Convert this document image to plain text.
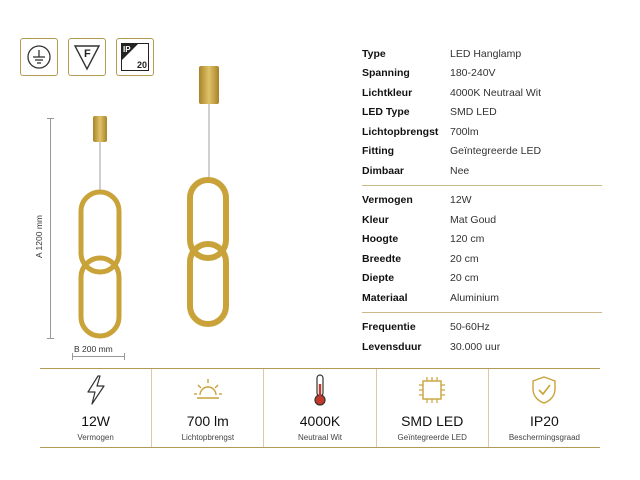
F	IP
20
A 1200 mm
B 200 mm
Type	LED Hanglamp
Spanning	180-240V
Lichtkleur	4000K Neutraal Wit
LED Type	SMD LED
Lichtopbrengst	700lm
Fitting	Geïntegreerde LED
Dimbaar	Nee
Vermogen	12W
Kleur	Mat Goud
Hoogte	120 cm
Breedte	20 cm
Diepte	20 cm
Materiaal	Aluminium
Frequentie	50-60Hz
Levensduur	30.000 uur
12W
Vermogen
700 lm
Lichtopbrengst
4000K
Neutraal Wit
SMD LED
Geïntegreerde LED
IP20
Beschermingsgraad
